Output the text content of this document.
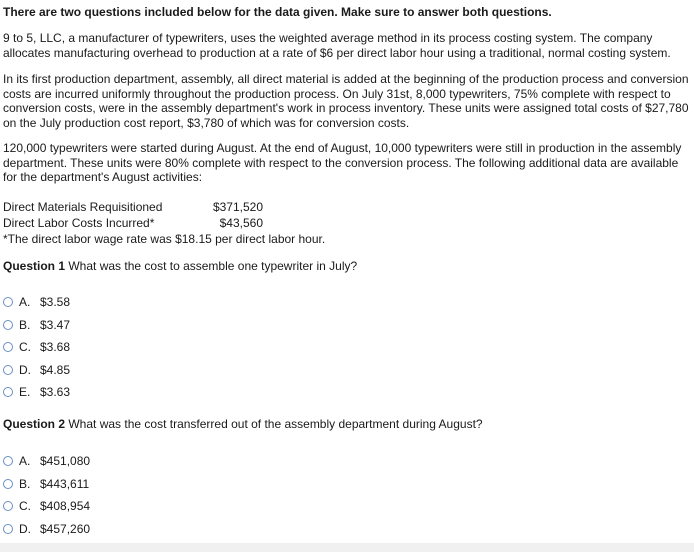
There are two questions included below for the data given. Make sure to answer both questions.

9 to 5, LLC, a manufacturer of typewriters, uses the weighted average method in its process costing system. The company allocates manufacturing overhead to production at a rate of $6 per direct labor hour using a traditional, normal costing system.

In its first production department, assembly, all direct material is added at the beginning of the production process and conversion costs are incurred uniformly throughout the production process. On July 31st, 8,000 typewriters, 75% complete with respect to conversion costs, were in the assembly department's work in process inventory. These units were assigned total costs of $27,780 on the July production cost report, $3,780 of which was for conversion costs.

120,000 typewriters were started during August. At the end of August, 10,000 typewriters were still in production in the assembly department. These units were 80% complete with respect to the conversion process. The following additional data are available for the department's August activities:

Direct Materials Requisitioned	$371,520
Direct Labor Costs Incurred*	$43,560
*The direct labor wage rate was $18.15 per direct labor hour.
Question 1 What was the cost to assemble one typewriter in July?
A. $3.58
B. $3.47
C. $3.68
D. $4.85
E. $3.63
Question 2 What was the cost transferred out of the assembly department during August?
A. $451,080
B. $443,611
C. $408,954
D. $457,260
